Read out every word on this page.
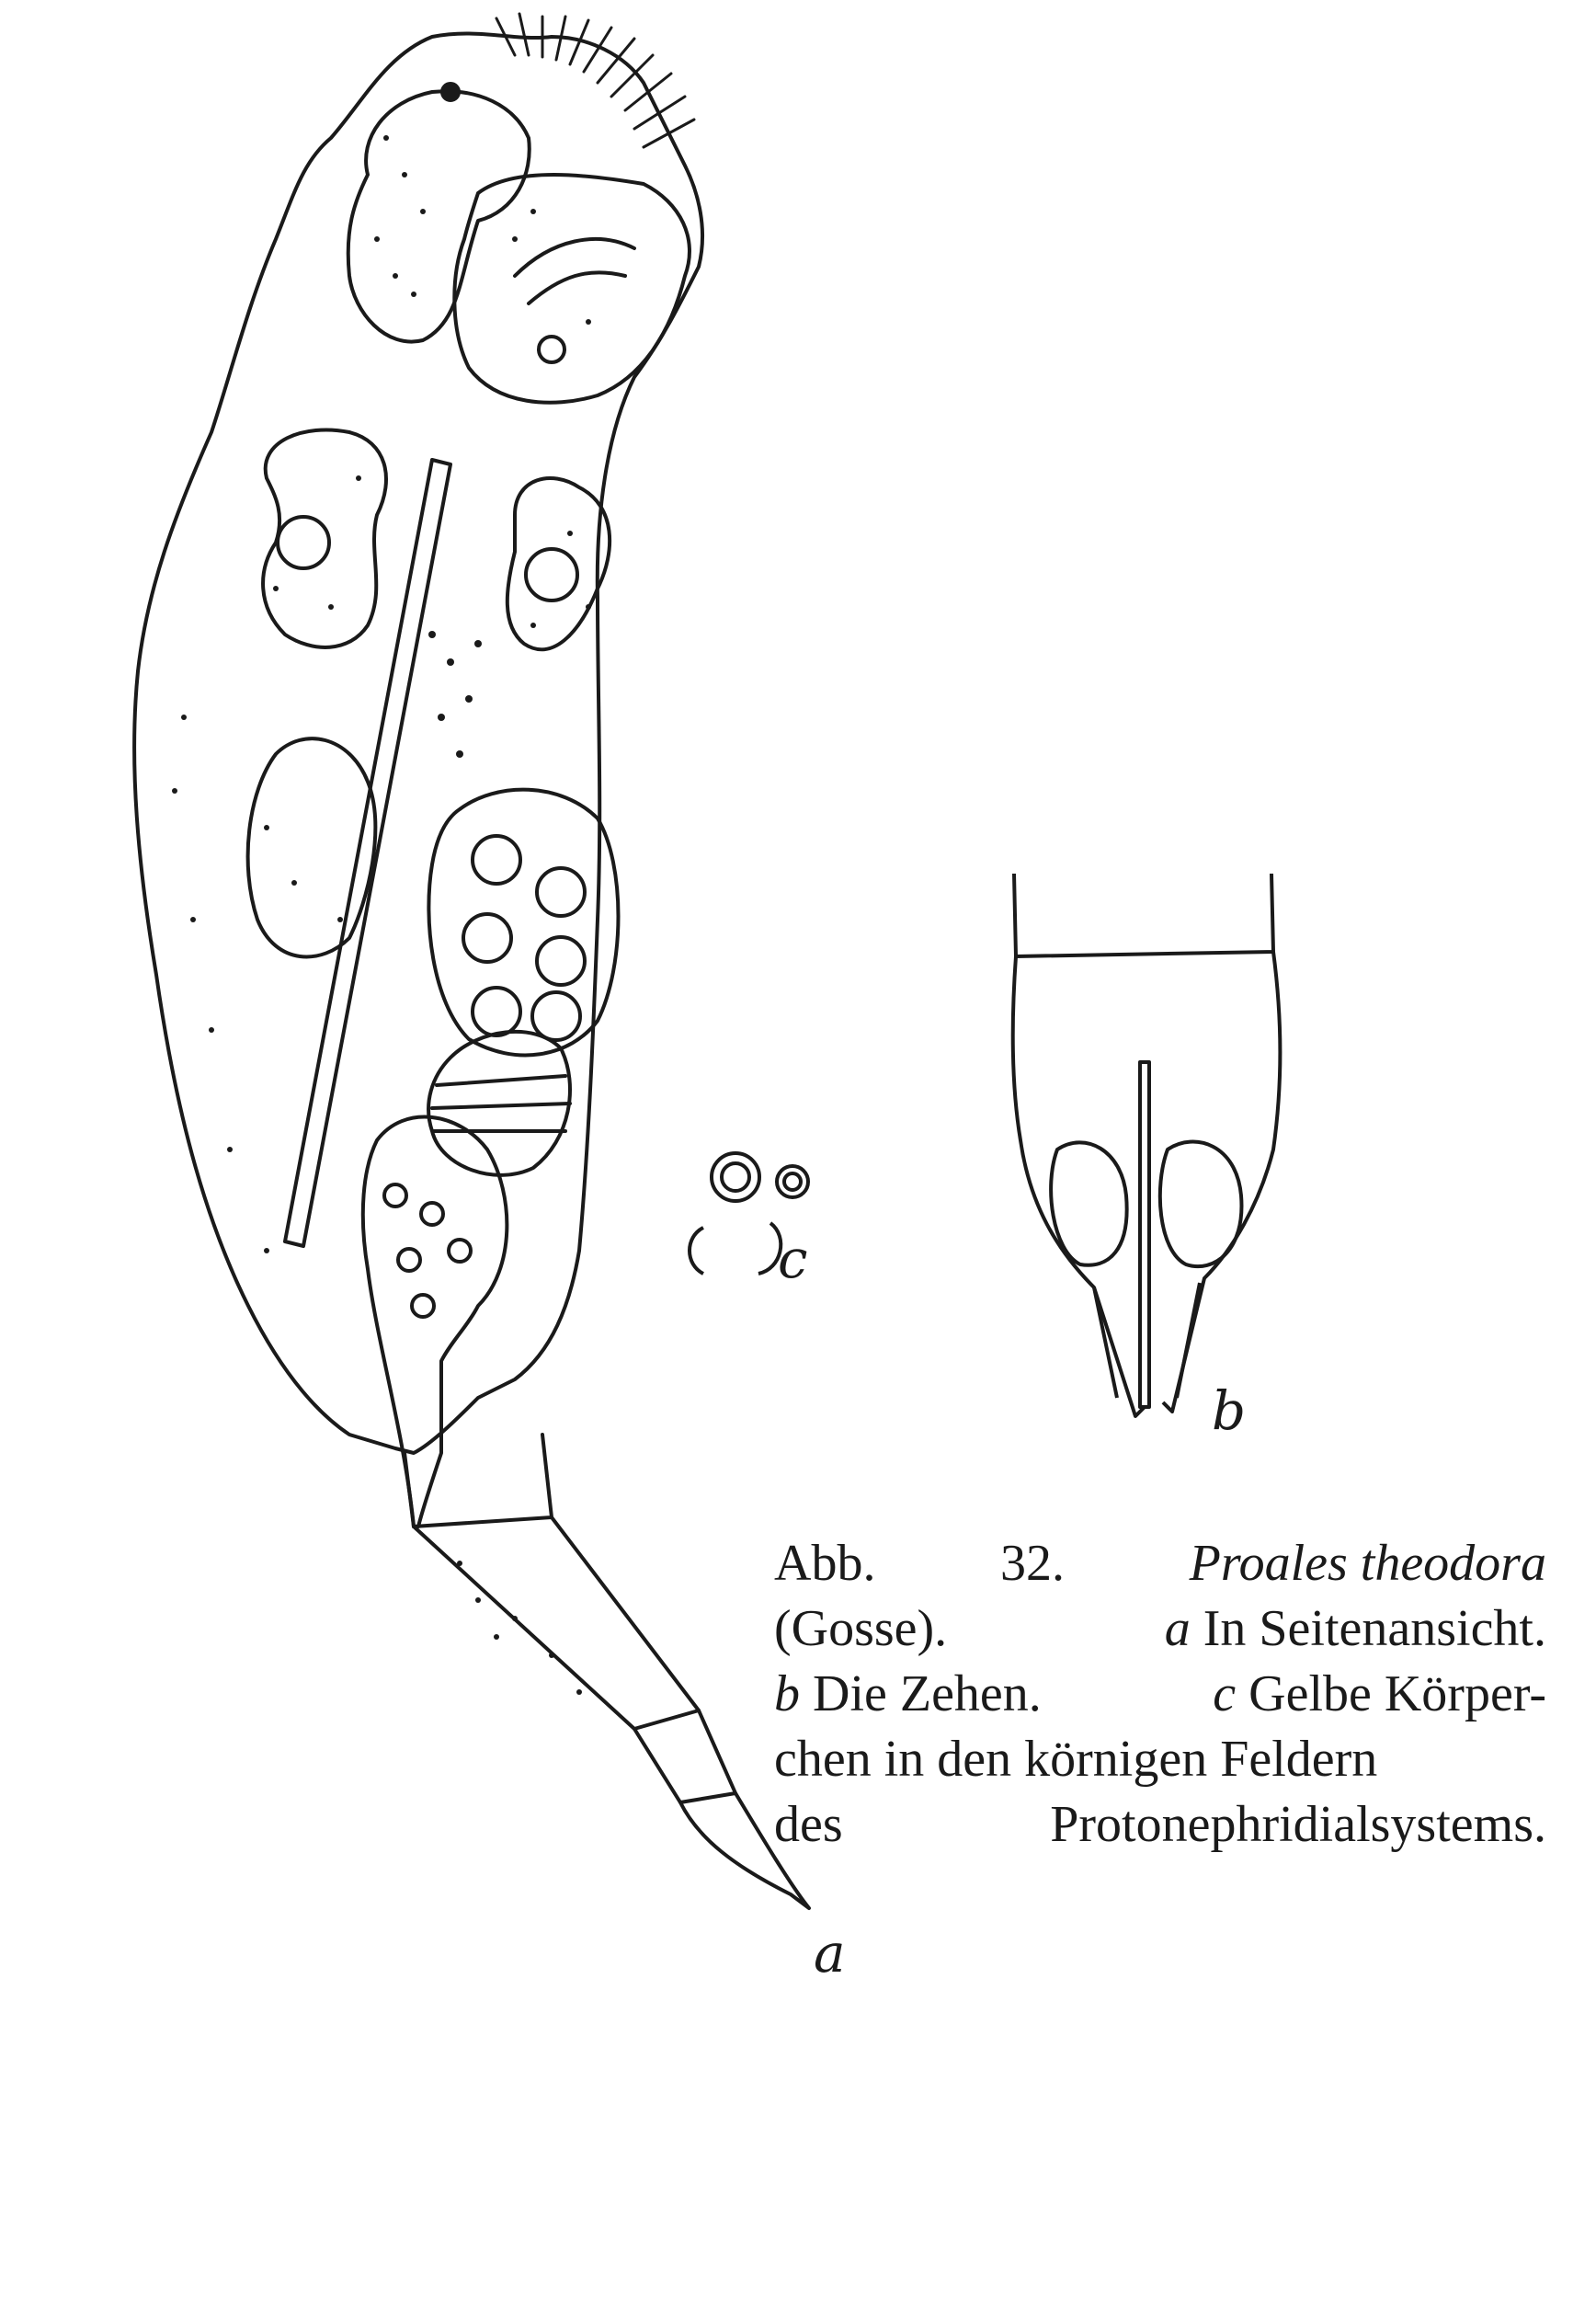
a
b
c
Abb. 32. Proales theodora
(Gosse).	a In Seitenansicht.
b Die Zehen.	c Gelbe Körper-
chen in den körnigen Feldern
des	Protonephridialsystems.
